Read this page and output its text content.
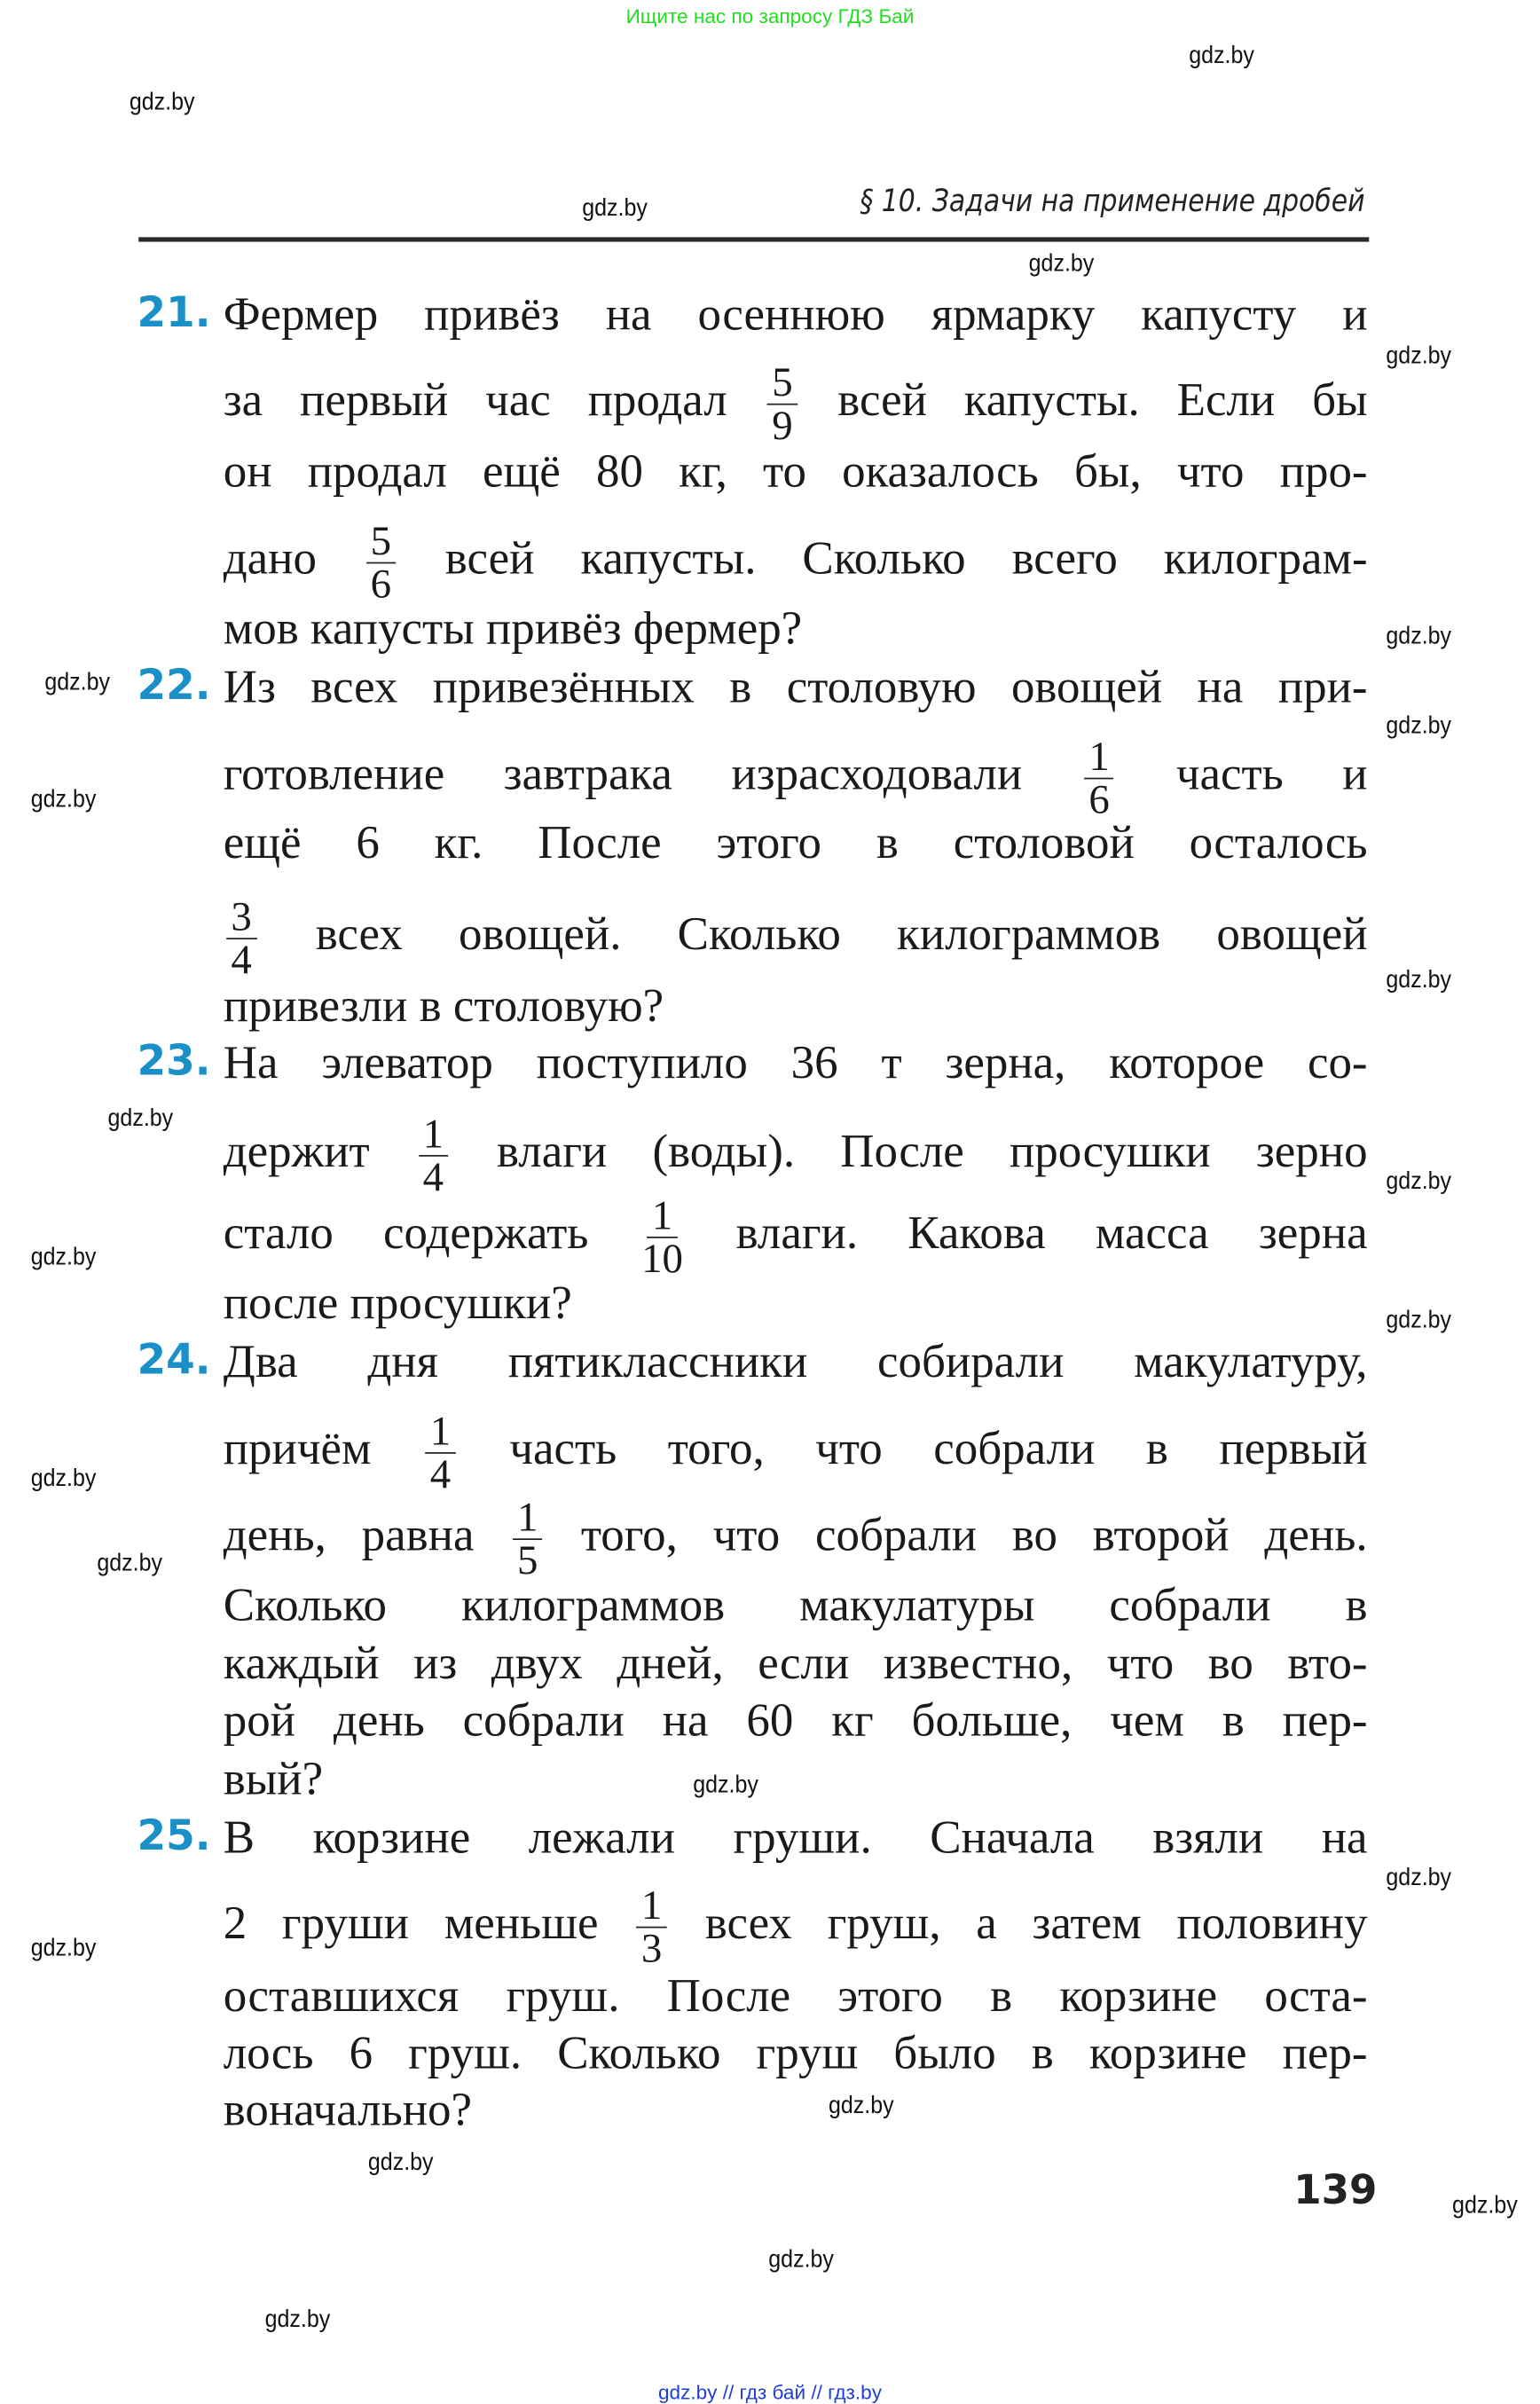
Ищите нас по запросу ГДЗ Бай
§ 10. Задачи на применение дробей
21. Фермер привёз на осеннюю ярмарку капусту и
за первый час продал $\frac{5}{9}$ всей капусты. Если бы
он продал ещё 80 кг, то оказалось бы, что про-
дано $\frac{5}{6}$ всей капусты. Сколько всего килограм-
мов капусты привёз фермер?
22. Из всех привезённых в столовую овощей на при-
готовление завтрака израсходовали	$\frac{1}{6}$ часть и
ещё 6 кг. После этого в столовой осталось
$\frac{3}{4}$ всех овощей. Сколько килограммов овощей
привезли в столовую?
23. На элеватор поступило 36 т зерна, которое со-
держит $\frac{1}{4}$ влаги (воды). После просушки зерно
стало содержать $\frac{1}{10}$ влаги. Какова масса зерна
после просушки?
24. Два дня пятиклассники собирали макулатуру,
причём $\frac{1}{4}$ часть того, что собрали в первый
день, равна $\frac{1}{5}$ того, что собрали во второй день.
Сколько килограммов макулатуры собрали в
каждый из двух дней, если известно, что во вто-
рой день собрали на 60 кг больше, чем в пер-
вый?
25. В корзине лежали груши. Сначала взяли на
2 груши меньше $\frac{1}{3}$ всех груш, а затем половину
оставшихся груш. После этого в корзине оста-
лось 6 груш. Сколько груш было в корзине пер-
воначально?
gdz.by
gdz.by
gdz.by
gdz.by
gdz.by
gdz.by
gdz.by
gdz.by
gdz.by
gdz.by
gdz.by
gdz.by
gdz.by
gdz.by
gdz.by
gdz.by
gdz.by
gdz.by
gdz.by
gdz.by
gdz.by
gdz.by
gdz.by
gdz.by
139
gdz.by // гдз бай // гдз.by
